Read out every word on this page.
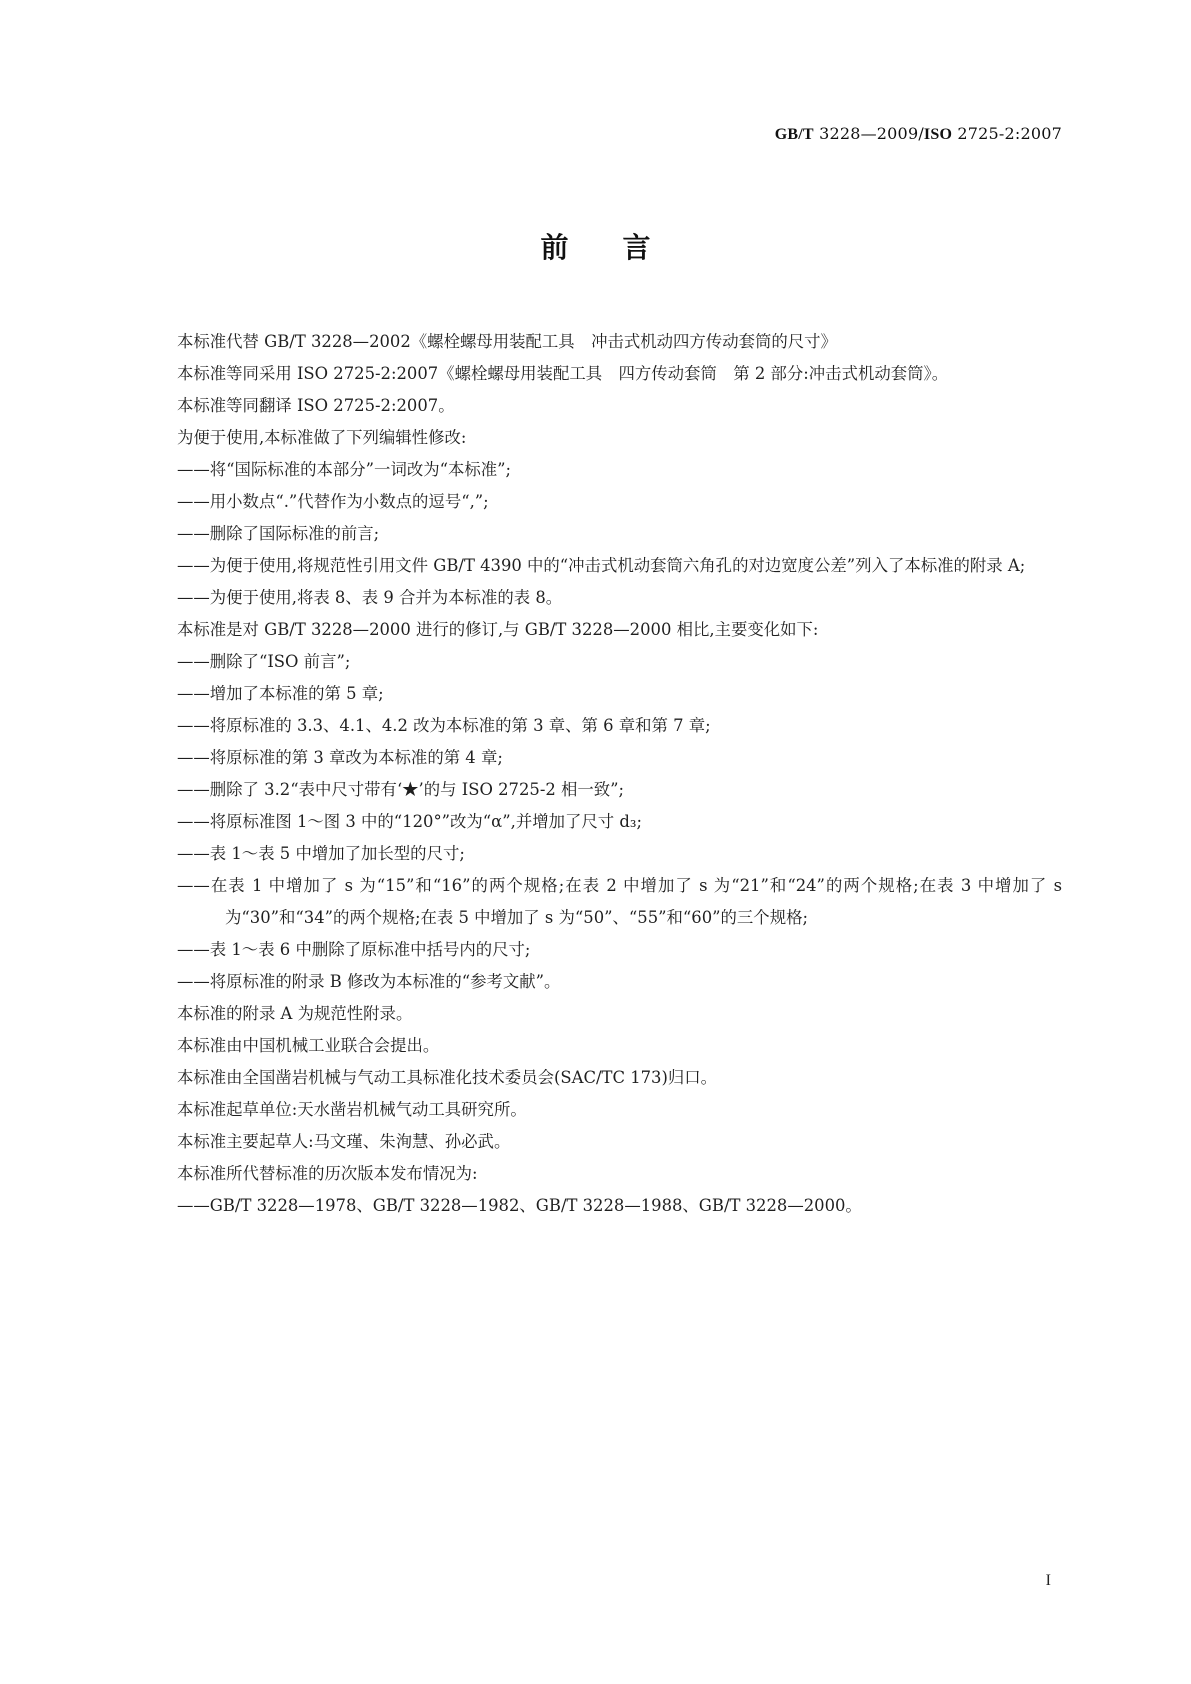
GB/T 3228—2009/ISO 2725-2:2007
前言

本标准代替 GB/T 3228—2002《螺栓螺母用装配工具　冲击式机动四方传动套筒的尺寸》

本标准等同采用 ISO 2725-2:2007《螺栓螺母用装配工具　四方传动套筒　第 2 部分:冲击式机动套筒》。

本标准等同翻译 ISO 2725-2:2007。

为便于使用,本标准做了下列编辑性修改:

——将“国际标准的本部分”一词改为“本标准”;

——用小数点“.”代替作为小数点的逗号“,”;

——删除了国际标准的前言;

——为便于使用,将规范性引用文件 GB/T 4390 中的“冲击式机动套筒六角孔的对边宽度公差”列入了本标准的附录 A;

——为便于使用,将表 8、表 9 合并为本标准的表 8。

本标准是对 GB/T 3228—2000 进行的修订,与 GB/T 3228—2000 相比,主要变化如下:

——删除了“ISO 前言”;

——增加了本标准的第 5 章;

——将原标准的 3.3、4.1、4.2 改为本标准的第 3 章、第 6 章和第 7 章;

——将原标准的第 3 章改为本标准的第 4 章;

——删除了 3.2“表中尺寸带有‘★’的与 ISO 2725-2 相一致”;

——将原标准图 1～图 3 中的“120°”改为“α”,并增加了尺寸 d₃;

——表 1～表 5 中增加了加长型的尺寸;

——在表 1 中增加了 s 为“15”和“16”的两个规格;在表 2 中增加了 s 为“21”和“24”的两个规格;在表 3 中增加了 s 为“30”和“34”的两个规格;在表 5 中增加了 s 为“50”、“55”和“60”的三个规格;

——表 1～表 6 中删除了原标准中括号内的尺寸;

——将原标准的附录 B 修改为本标准的“参考文献”。

本标准的附录 A 为规范性附录。

本标准由中国机械工业联合会提出。

本标准由全国凿岩机械与气动工具标准化技术委员会(SAC/TC 173)归口。

本标准起草单位:天水凿岩机械气动工具研究所。

本标准主要起草人:马文瑾、朱洵慧、孙必武。

本标准所代替标准的历次版本发布情况为:

——GB/T 3228—1978、GB/T 3228—1982、GB/T 3228—1988、GB/T 3228—2000。

I
